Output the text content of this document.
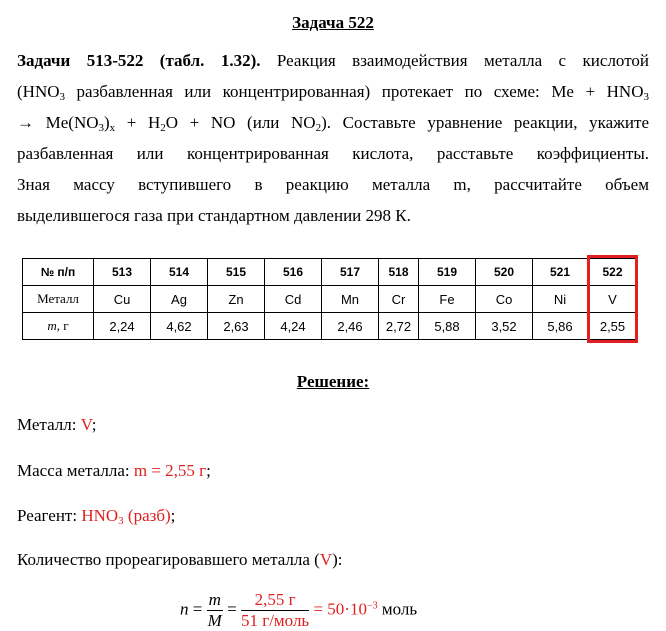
Задача 522
Задачи 513-522 (табл. 1.32). Реакция взаимодействия металла с кислотой
($HNO_3$ разбавленная или концентрированная) протекает по схеме: $Me + HNO_3$
→ $Me(NO_3)_x + H_2O$ + NO (или $NO_2$). Составьте уравнение реакции, укажите
разбавленная или концентрированная кислота, расставьте коэффициенты.
Зная массу вступившего в реакцию металла m, рассчитайте объем
выделившегося газа при стандартном давлении 298 К.
№ п/п	513	514	515	516	517	518	519	520	521	522
Металл	Cu	Ag	Zn	Cd	Mn	Cr	Fe	Co	Ni	V
m, г	2,24	4,62	2,63	4,24	2,46	2,72	5,88	3,52	5,86	2,55
Решение:
Металл: V;
Масса металла: m = 2,55 г;
Реагент: $HNO_3$ (разб);
Количество прореагировавшего металла (V):
$n = \frac{m}{M} = \frac{2,55 г}{\text{51 г/моль}} = 50\cdot 10^{-3}$ моль
